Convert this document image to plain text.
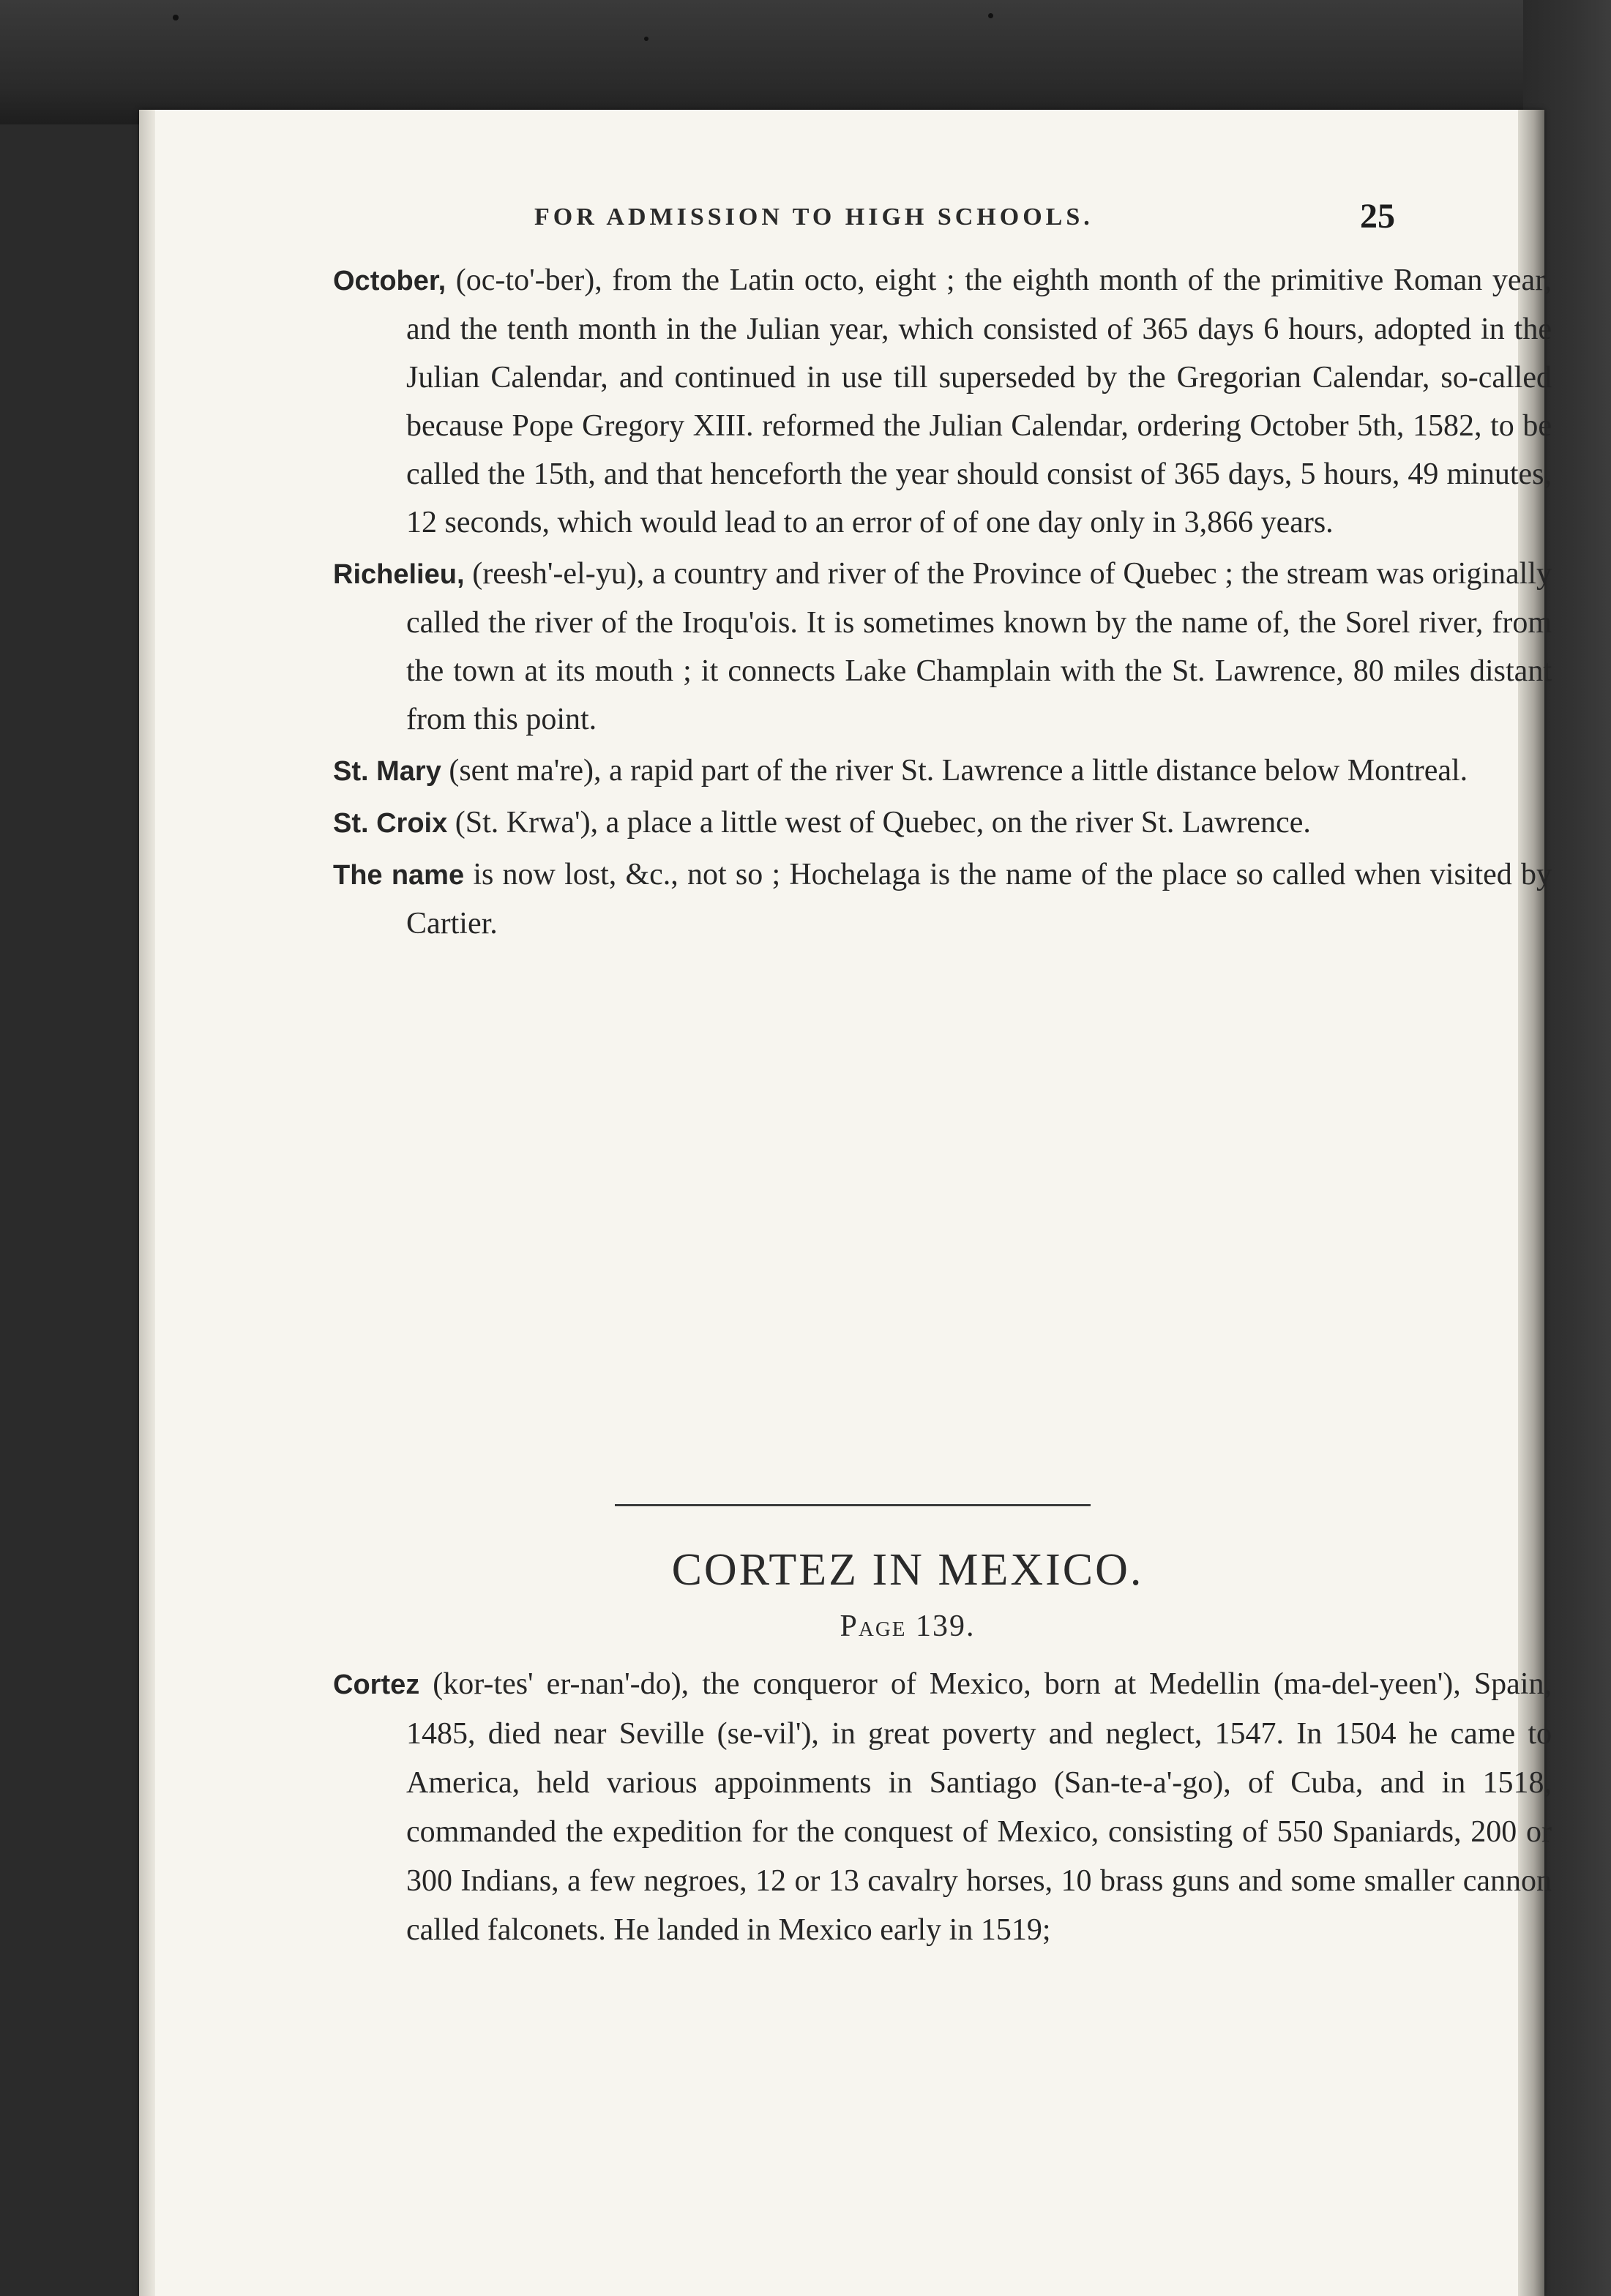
FOR ADMISSION TO HIGH SCHOOLS.	25

October, (oc-to'-ber), from the Latin octo, eight ; the eighth month of the primitive Roman year, and the tenth month in the Julian year, which consisted of 365 days 6 hours, adopted in the Julian Calendar, and continued in use till superseded by the Gregorian Calendar, so-called because Pope Gregory XIII. reformed the Julian Calendar, ordering October 5th, 1582, to be called the 15th, and that henceforth the year should consist of 365 days, 5 hours, 49 minutes, 12 seconds, which would lead to an error of of one day only in 3,866 years.

Richelieu, (reesh'-el-yu), a country and river of the Province of Quebec ; the stream was originally called the river of the Iroqu'ois. It is sometimes known by the name of, the Sorel river, from the town at its mouth ; it connects Lake Champlain with the St. Lawrence, 80 miles distant from this point.

St. Mary (sent ma're), a rapid part of the river St. Lawrence a little distance below Montreal.

St. Croix (St. Krwa'), a place a little west of Quebec, on the river St. Lawrence.

The name is now lost, &c., not so ; Hochelaga is the name of the place so called when visited by Cartier.

CORTEZ IN MEXICO.
Page 139.

Cortez (kor-tes' er-nan'-do), the conqueror of Mexico, born at Medellin (ma-del-yeen'), Spain, 1485, died near Seville (se-vil'), in great poverty and neglect, 1547. In 1504 he came to America, held various appoinments in Santiago (San-te-a'-go), of Cuba, and in 1518, commanded the expedition for the conquest of Mexico, consisting of 550 Spaniards, 200 or 300 Indians, a few negroes, 12 or 13 cavalry horses, 10 brass guns and some smaller cannon called falconets. He landed in Mexico early in 1519;
